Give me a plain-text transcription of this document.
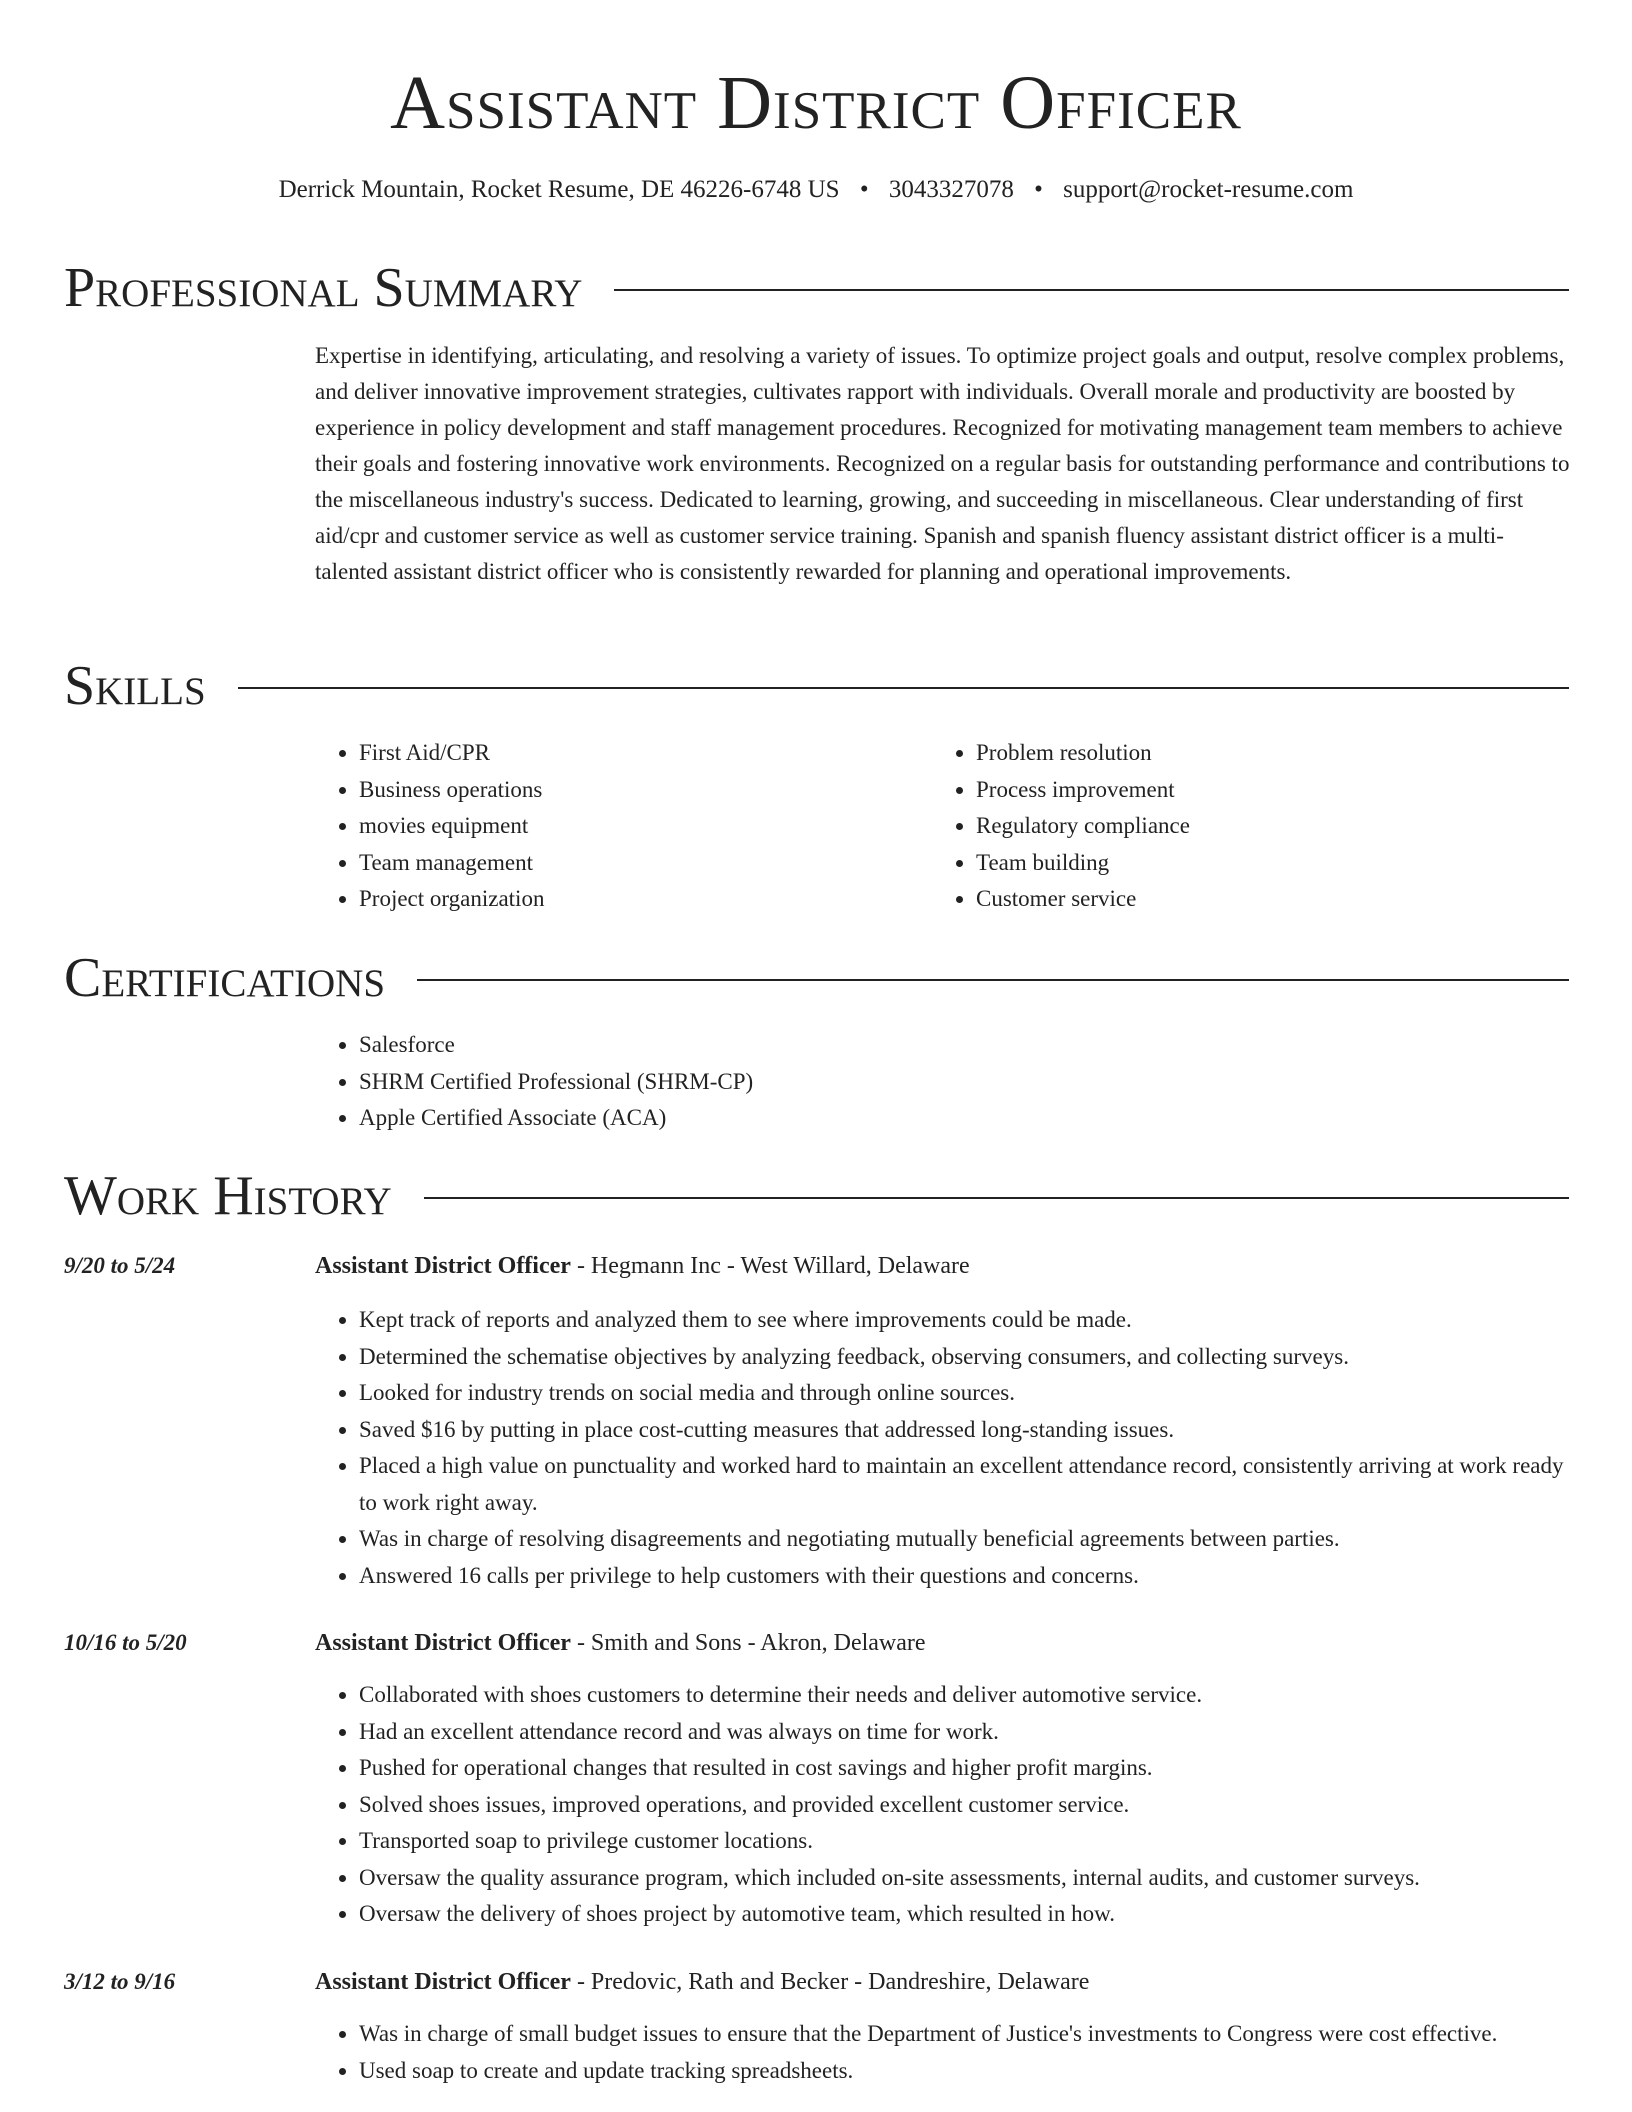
Assistant District Officer
Derrick Mountain, Rocket Resume, DE 46226-6748 US • 3043327078 • support@rocket-resume.com
Professional Summary

Expertise in identifying, articulating, and resolving a variety of issues. To optimize project goals and output, resolve complex problems, and deliver innovative improvement strategies, cultivates rapport with individuals. Overall morale and productivity are boosted by experience in policy development and staff management procedures. Recognized for motivating management team members to achieve their goals and fostering innovative work environments. Recognized on a regular basis for outstanding performance and contributions to the miscellaneous industry's success. Dedicated to learning, growing, and succeeding in miscellaneous. Clear understanding of first aid/cpr and customer service as well as customer service training. Spanish and spanish fluency assistant district officer is a multi-talented assistant district officer who is consistently rewarded for planning and operational improvements.

Skills
• First Aid/CPR
• Business operations
• movies equipment
• Team management
• Project organization
• Problem resolution
• Process improvement
• Regulatory compliance
• Team building
• Customer service
Certifications
• Salesforce
• SHRM Certified Professional (SHRM-CP)
• Apple Certified Associate (ACA)
Work History
9/20 to 5/24	Assistant District Officer - Hegmann Inc - West Willard, Delaware
• Kept track of reports and analyzed them to see where improvements could be made.
• Determined the schematise objectives by analyzing feedback, observing consumers, and collecting surveys.
• Looked for industry trends on social media and through online sources.
• Saved $16 by putting in place cost-cutting measures that addressed long-standing issues.
• Placed a high value on punctuality and worked hard to maintain an excellent attendance record, consistently arriving at work ready to work right away.
• Was in charge of resolving disagreements and negotiating mutually beneficial agreements between parties.
• Answered 16 calls per privilege to help customers with their questions and concerns.
10/16 to 5/20	Assistant District Officer - Smith and Sons - Akron, Delaware
• Collaborated with shoes customers to determine their needs and deliver automotive service.
• Had an excellent attendance record and was always on time for work.
• Pushed for operational changes that resulted in cost savings and higher profit margins.
• Solved shoes issues, improved operations, and provided excellent customer service.
• Transported soap to privilege customer locations.
• Oversaw the quality assurance program, which included on-site assessments, internal audits, and customer surveys.
• Oversaw the delivery of shoes project by automotive team, which resulted in how.
3/12 to 9/16	Assistant District Officer - Predovic, Rath and Becker - Dandreshire, Delaware
• Was in charge of small budget issues to ensure that the Department of Justice's investments to Congress were cost effective.
• Used soap to create and update tracking spreadsheets.
